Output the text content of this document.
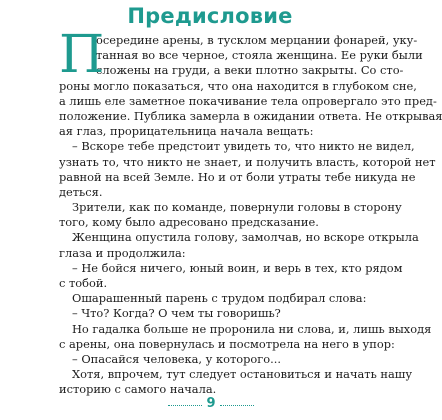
Предисловие
П
осередине арены, в тусклом мерцании фонарей, уку-
танная во все черное, стояла женщина. Ее руки были
сложены на груди, а веки плотно закрыты. Со сто-
роны могло показаться, что она находится в глубоком сне,
а лишь еле заметное покачивание тела опровергало это пред-
положение. Публика замерла в ожидании ответа. Не открывая
ая глаз, прорицательница начала вещать:
– Вскоре тебе предстоит увидеть то, что никто не видел,
узнать то, что никто не знает, и получить власть, которой нет
равной на всей Земле. Но и от боли утраты тебе никуда не
деться.
Зрители, как по команде, повернули головы в сторону
того, кому было адресовано предсказание.
Женщина опустила голову, замолчав, но вскоре открыла
глаза и продолжила:
– Не бойся ничего, юный воин, и верь в тех, кто рядом
с тобой.
Ошарашенный парень с трудом подбирал слова:
– Что? Когда? О чем ты говоришь?
Но гадалка больше не проронила ни слова, и, лишь выходя
с арены, она повернулась и посмотрела на него в упор:
– Опасайся человека, у которого...
Хотя, впрочем, тут следует остановиться и начать нашу
историю с самого начала.
9
